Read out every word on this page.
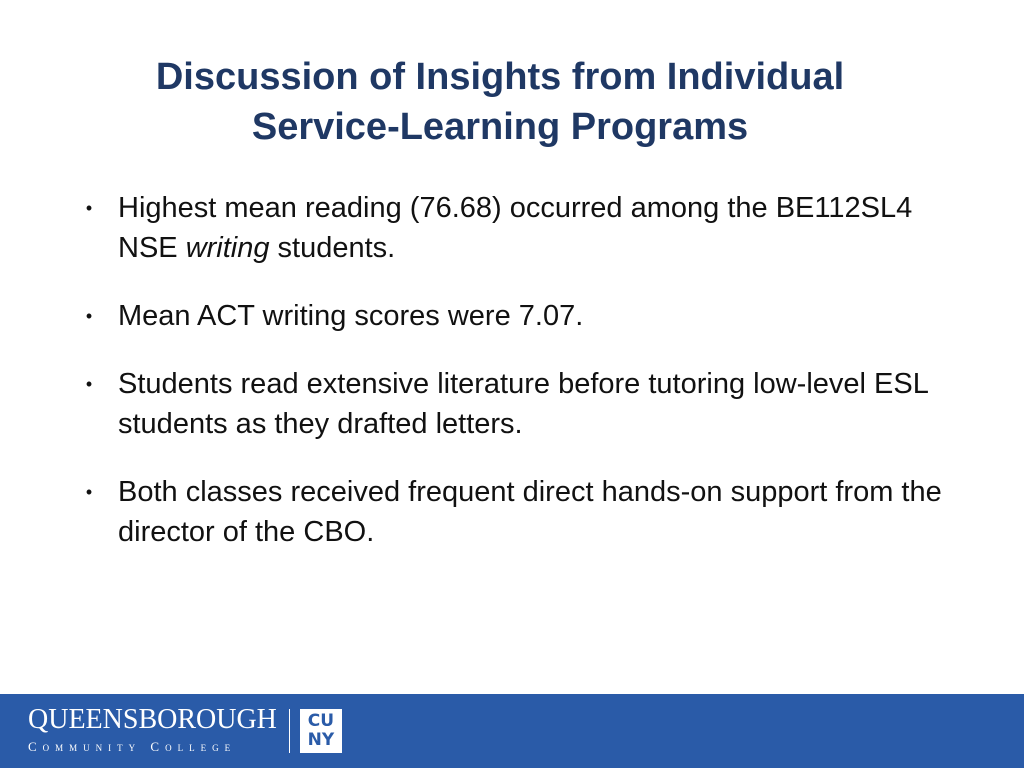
Discussion of Insights from Individual
Service-Learning Programs
• Highest mean reading (76.68) occurred among the BE112SL4 NSE writing students.
• Mean ACT writing scores were 7.07.
• Students read extensive literature before tutoring low-level ESL students as they drafted letters.
• Both classes received frequent direct hands-on support from the director of the CBO.
QUEENSBOROUGH
Community College
CU
NY
